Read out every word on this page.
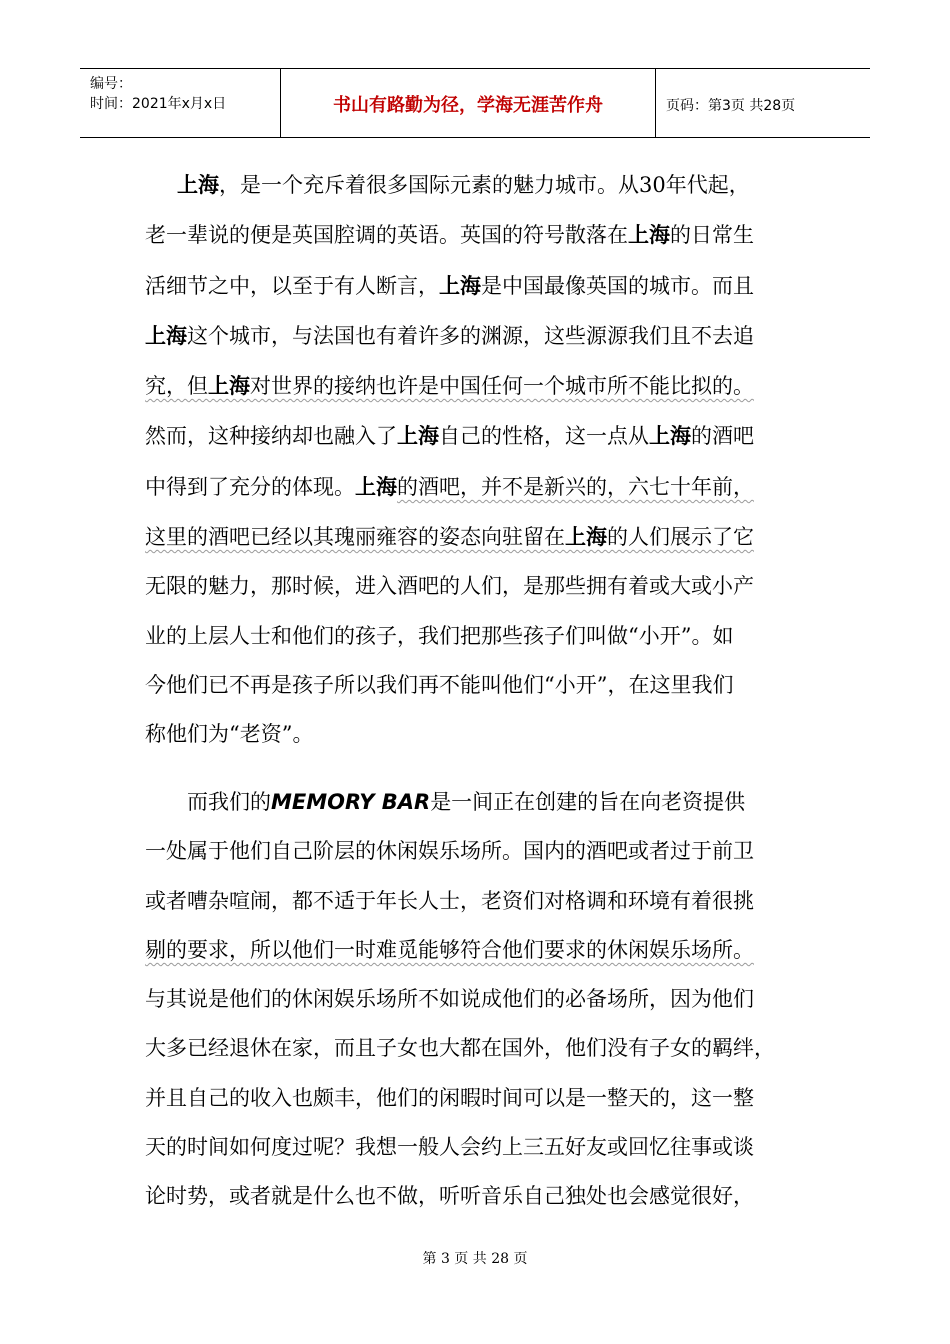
编号：
时间：2021年x月x日	书山有路勤为径，学海无涯苦作舟	页码：第3页 共28页
上海，是一个充斥着很多国际元素的魅力城市。从30年代起，
老一辈说的便是英国腔调的英语。英国的符号散落在上海的日常生
活细节之中，以至于有人断言，上海是中国最像英国的城市。而且
上海这个城市，与法国也有着许多的渊源，这些源源我们且不去追
究，但上海对世界的接纳也许是中国任何一个城市所不能比拟的。
然而，这种接纳却也融入了上海自己的性格，这一点从上海的酒吧
中得到了充分的体现。上海的酒吧，并不是新兴的，六七十年前，
这里的酒吧已经以其瑰丽雍容的姿态向驻留在上海的人们展示了它
无限的魅力，那时候，进入酒吧的人们，是那些拥有着或大或小产
业的上层人士和他们的孩子，我们把那些孩子们叫做“小开”。如
今他们已不再是孩子所以我们再不能叫他们“小开”，在这里我们
称他们为“老资”。
而我们的MEMORY BAR是一间正在创建的旨在向老资提供
一处属于他们自己阶层的休闲娱乐场所。国内的酒吧或者过于前卫
或者嘈杂喧闹，都不适于年长人士，老资们对格调和环境有着很挑
剔的要求，所以他们一时难觅能够符合他们要求的休闲娱乐场所。
与其说是他们的休闲娱乐场所不如说成他们的必备场所，因为他们
大多已经退休在家，而且子女也大都在国外，他们没有子女的羁绊，
并且自己的收入也颇丰，他们的闲暇时间可以是一整天的，这一整
天的时间如何度过呢？我想一般人会约上三五好友或回忆往事或谈
论时势，或者就是什么也不做，听听音乐自己独处也会感觉很好，
第 3 页 共 28 页
